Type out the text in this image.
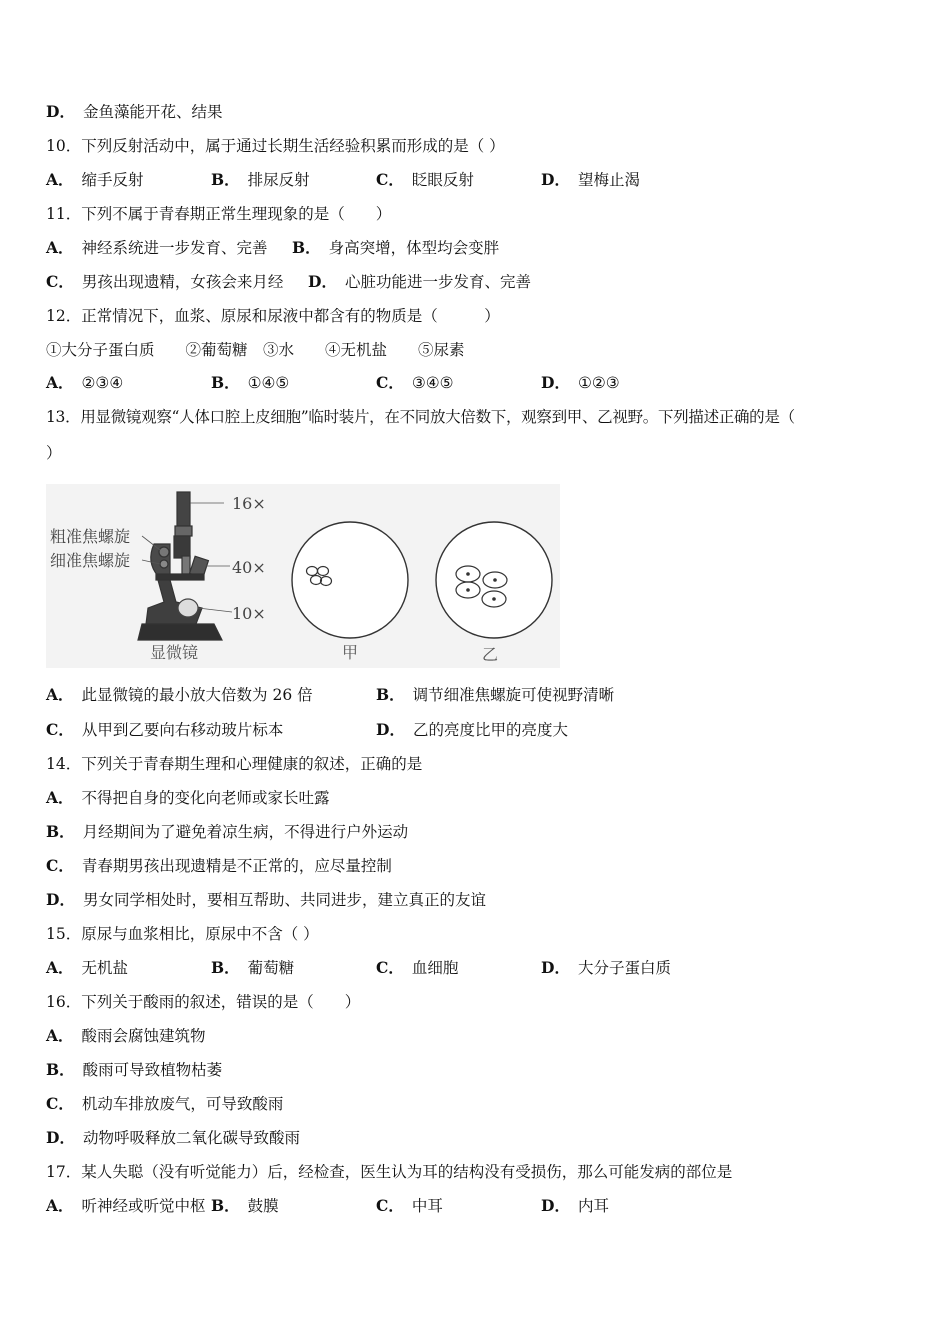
D． 金鱼藻能开花、结果
10．下列反射活动中，属于通过长期生活经验积累而形成的是（ ）
A． 缩手反射	B． 排尿反射	C． 眨眼反射	D． 望梅止渴
11．下列不属于青春期正常生理现象的是（　　）
A． 神经系统进一步发育、完善 B． 身高突增，体型均会变胖
C． 男孩出现遗精，女孩会来月经 D． 心脏功能进一步发育、完善
12．正常情况下，血浆、原尿和尿液中都含有的物质是（　　　）
①大分子蛋白质　　②葡萄糖　③水　　④无机盐　　⑤尿素
A． ②③④	B． ①④⑤	C． ③④⑤	D． ①②③
13．用显微镜观察“人体口腔上皮细胞”临时装片，在不同放大倍数下，观察到甲、乙视野。下列描述正确的是（
）
16×
粗准焦螺旋
细准焦螺旋	40×
10×
显微镜	甲	乙
A． 此显微镜的最小放大倍数为 26 倍	B． 调节细准焦螺旋可使视野清晰
C． 从甲到乙要向右移动玻片标本	D． 乙的亮度比甲的亮度大
14．下列关于青春期生理和心理健康的叙述，正确的是
A． 不得把自身的变化向老师或家长吐露
B． 月经期间为了避免着凉生病，不得进行户外运动
C． 青春期男孩出现遗精是不正常的，应尽量控制
D． 男女同学相处时，要相互帮助、共同进步，建立真正的友谊
15．原尿与血浆相比，原尿中不含（ ）
A． 无机盐	B． 葡萄糖	C． 血细胞	D． 大分子蛋白质
16．下列关于酸雨的叙述，错误的是（　　）
A． 酸雨会腐蚀建筑物
B． 酸雨可导致植物枯萎
C． 机动车排放废气，可导致酸雨
D． 动物呼吸释放二氧化碳导致酸雨
17．某人失聪（没有听觉能力）后，经检查，医生认为耳的结构没有受损伤，那么可能发病的部位是
A． 听神经或听觉中枢 B． 鼓膜	C． 中耳	D． 内耳
